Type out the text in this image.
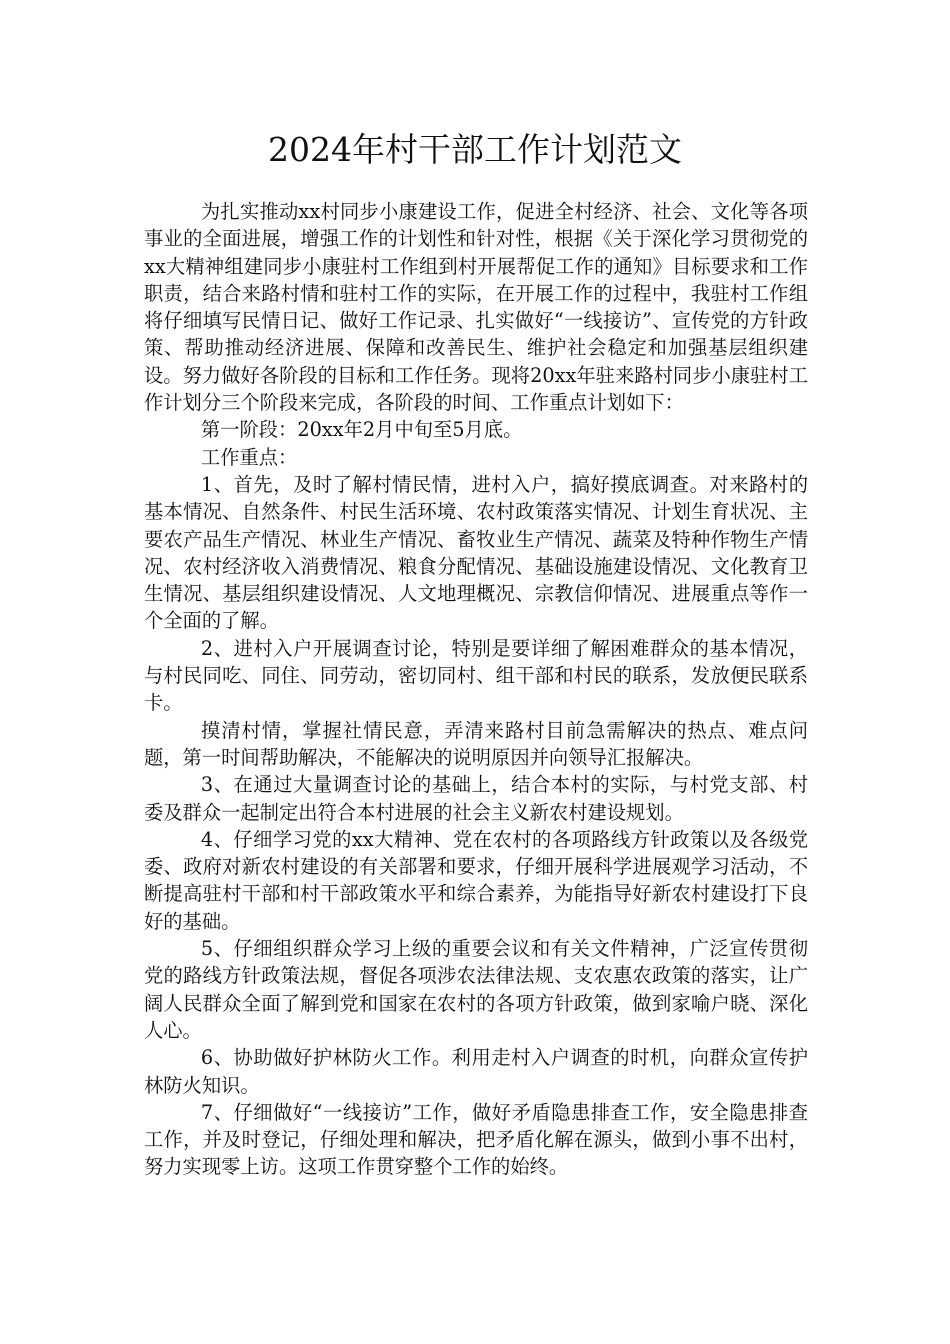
2024年村干部工作计划范文

为扎实推动xx村同步小康建设工作，促进全村经济、社会、文化等各项事业的全面进展，增强工作的计划性和针对性，根据《关于深化学习贯彻党的xx大精神组建同步小康驻村工作组到村开展帮促工作的通知》目标要求和工作职责，结合来路村情和驻村工作的实际，在开展工作的过程中，我驻村工作组将仔细填写民情日记、做好工作记录、扎实做好“一线接访”、宣传党的方针政策、帮助推动经济进展、保障和改善民生、维护社会稳定和加强基层组织建设。努力做好各阶段的目标和工作任务。现将20xx年驻来路村同步小康驻村工作计划分三个阶段来完成，各阶段的时间、工作重点计划如下：

第一阶段：20xx年2月中旬至5月底。

工作重点：

1、首先，及时了解村情民情，进村入户，搞好摸底调查。对来路村的基本情况、自然条件、村民生活环境、农村政策落实情况、计划生育状况、主要农产品生产情况、林业生产情况、畜牧业生产情况、蔬菜及特种作物生产情况、农村经济收入消费情况、粮食分配情况、基础设施建设情况、文化教育卫生情况、基层组织建设情况、人文地理概况、宗教信仰情况、进展重点等作一个全面的了解。

2、进村入户开展调查讨论，特别是要详细了解困难群众的基本情况，与村民同吃、同住、同劳动，密切同村、组干部和村民的联系，发放便民联系卡。

摸清村情，掌握社情民意，弄清来路村目前急需解决的热点、难点问题，第一时间帮助解决，不能解决的说明原因并向领导汇报解决。

3、在通过大量调查讨论的基础上，结合本村的实际，与村党支部、村委及群众一起制定出符合本村进展的社会主义新农村建设规划。

4、仔细学习党的xx大精神、党在农村的各项路线方针政策以及各级党委、政府对新农村建设的有关部署和要求，仔细开展科学进展观学习活动，不断提高驻村干部和村干部政策水平和综合素养，为能指导好新农村建设打下良好的基础。

5、仔细组织群众学习上级的重要会议和有关文件精神，广泛宣传贯彻党的路线方针政策法规，督促各项涉农法律法规、支农惠农政策的落实，让广阔人民群众全面了解到党和国家在农村的各项方针政策，做到家喻户晓、深化人心。

6、协助做好护林防火工作。利用走村入户调查的时机，向群众宣传护林防火知识。

7、仔细做好“一线接访”工作，做好矛盾隐患排查工作，安全隐患排查工作，并及时登记，仔细处理和解决，把矛盾化解在源头，做到小事不出村，努力实现零上访。这项工作贯穿整个工作的始终。
